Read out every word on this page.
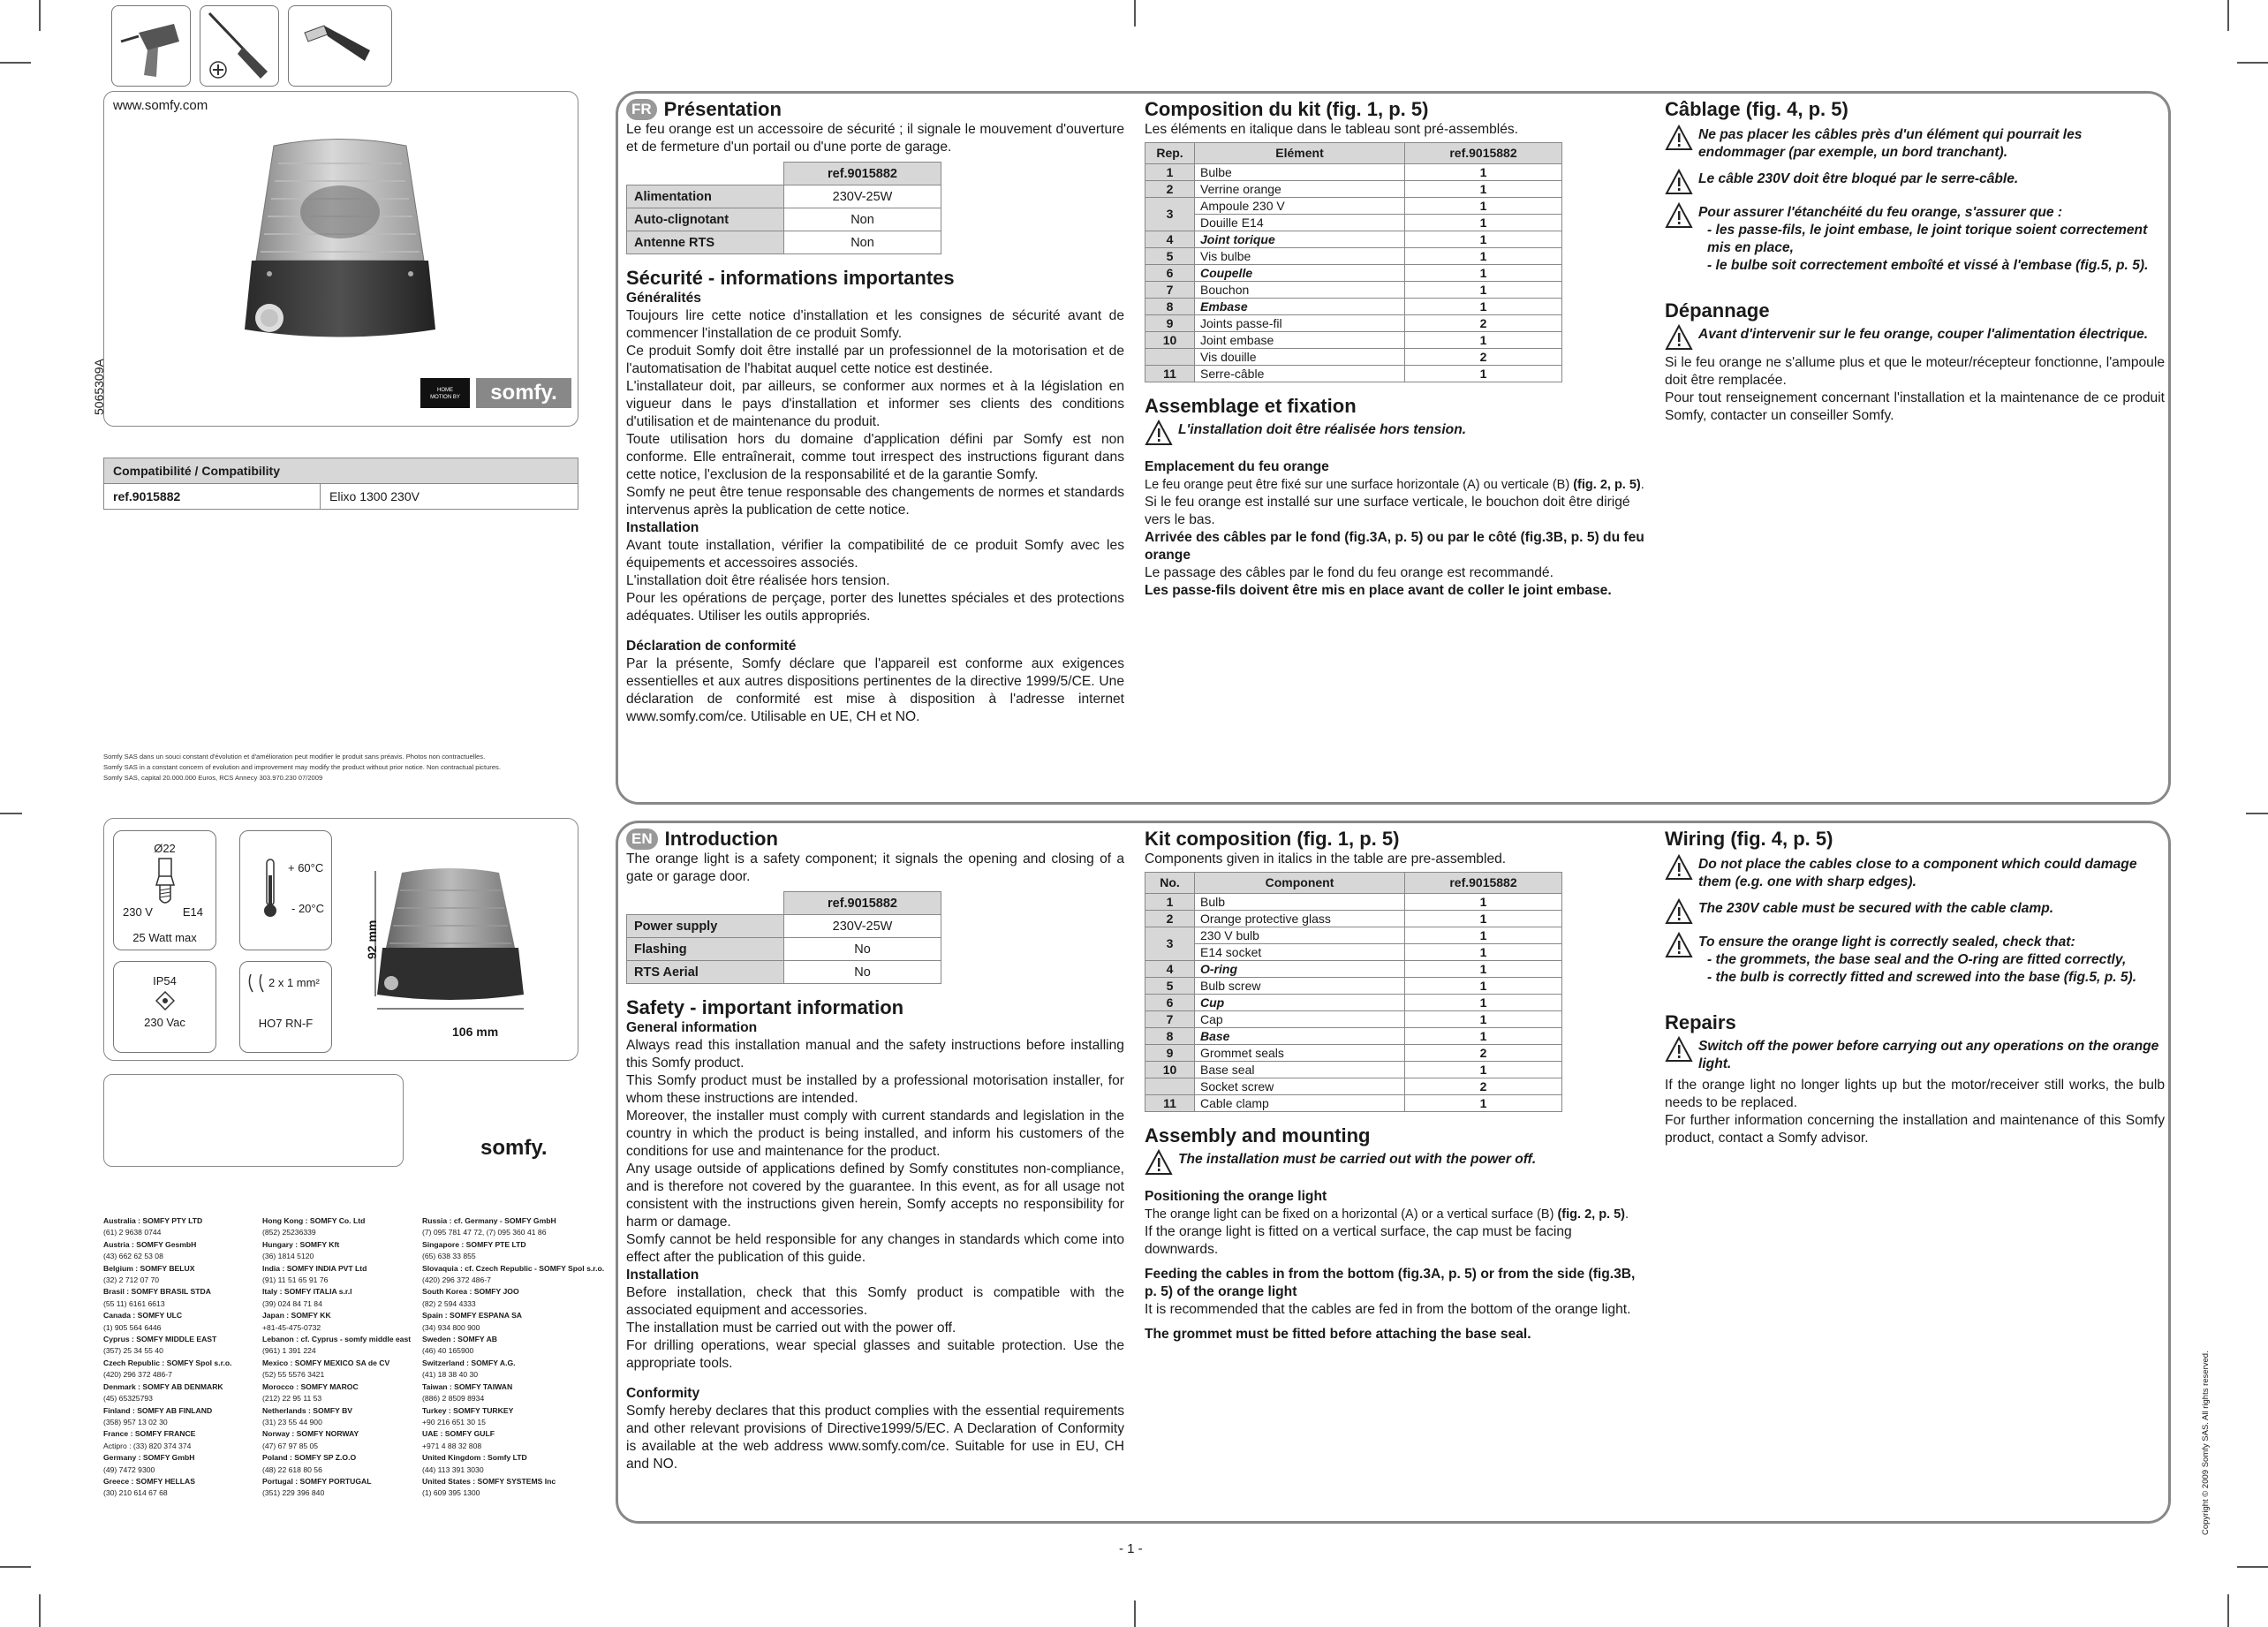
www.somfy.com
5065309A	HOME
MOTION BY	somfy.
Compatibilité / Compatibility
ref.9015882	Elixo 1300 230V
Somfy SAS dans un souci constant d'évolution et d'amélioration peut modifier le produit sans préavis. Photos non contractuelles.
Somfy SAS in a constant concern of evolution and improvement may modify the product without prior notice. Non contractual pictures.
Somfy SAS, capital 20.000.000 Euros, RCS Annecy 303.970.230 07/2009
Ø22
230 V	E14
25 Watt max
+ 60°C
- 20°C
IP54
230 Vac
2 x 1 mm²
HO7 RN-F
92 mm
106 mm
somfy.
Australia : SOMFY PTY LTD
(61) 2 9638 0744
Austria : SOMFY GesmbH
(43) 662 62 53 08
Belgium : SOMFY BELUX
(32) 2 712 07 70
Brasil : SOMFY BRASIL STDA
(55 11) 6161 6613
Canada : SOMFY ULC
(1) 905 564 6446
Cyprus : SOMFY MIDDLE EAST
(357) 25 34 55 40
Czech Republic : SOMFY Spol s.r.o.
(420) 296 372 486-7
Denmark : SOMFY AB DENMARK
(45) 65325793
Finland : SOMFY AB FINLAND
(358) 957 13 02 30
France : SOMFY FRANCE
Actipro : (33) 820 374 374
Germany : SOMFY GmbH
(49) 7472 9300
Greece : SOMFY HELLAS
(30) 210 614 67 68
Hong Kong : SOMFY Co. Ltd
(852) 25236339
Hungary : SOMFY Kft
(36) 1814 5120
India : SOMFY INDIA PVT Ltd
(91) 11 51 65 91 76
Italy : SOMFY ITALIA s.r.l
(39) 024 84 71 84
Japan : SOMFY KK
+81-45-475-0732
Lebanon : cf. Cyprus - somfy middle east
(961) 1 391 224
Mexico : SOMFY MEXICO SA de CV
(52) 55 5576 3421
Morocco : SOMFY MAROC
(212) 22 95 11 53
Netherlands : SOMFY BV
(31) 23 55 44 900
Norway : SOMFY NORWAY
(47) 67 97 85 05
Poland : SOMFY SP Z.O.O
(48) 22 618 80 56
Portugal : SOMFY PORTUGAL
(351) 229 396 840
Russia : cf. Germany - SOMFY GmbH
(7) 095 781 47 72, (7) 095 360 41 86
Singapore : SOMFY PTE LTD
(65) 638 33 855
Slovaquia : cf. Czech Republic - SOMFY Spol s.r.o.
(420) 296 372 486-7
South Korea : SOMFY JOO
(82) 2 594 4333
Spain : SOMFY ESPANA SA
(34) 934 800 900
Sweden : SOMFY AB
(46) 40 165900
Switzerland : SOMFY A.G.
(41) 18 38 40 30
Taiwan : SOMFY TAIWAN
(886) 2 8509 8934
Turkey : SOMFY TURKEY
+90 216 651 30 15
UAE : SOMFY GULF
+971 4 88 32 808
United Kingdom : Somfy LTD
(44) 113 391 3030
United States : SOMFY SYSTEMS Inc
(1) 609 395 1300
FR Présentation

Le feu orange est un accessoire de sécurité ; il signale le mouvement d'ouverture et de fermeture d'un portail ou d'une porte de garage.

	ref.9015882
Alimentation	230V-25W
Auto-clignotant	Non
Antenne RTS	Non
Sécurité - informations importantes
Généralités

Toujours lire cette notice d'installation et les consignes de sécurité avant de commencer l'installation de ce produit Somfy.

Ce produit Somfy doit être installé par un professionnel de la motorisation et de l'automatisation de l'habitat auquel cette notice est destinée.

L'installateur doit, par ailleurs, se conformer aux normes et à la législation en vigueur dans le pays d'installation et informer ses clients des conditions d'utilisation et de maintenance du produit.

Toute utilisation hors du domaine d'application défini par Somfy est non conforme. Elle entraînerait, comme tout irrespect des instructions figurant dans cette notice, l'exclusion de la responsabilité et de la garantie Somfy.

Somfy ne peut être tenue responsable des changements de normes et standards intervenus après la publication de cette notice.

Installation

Avant toute installation, vérifier la compatibilité de ce produit Somfy avec les équipements et accessoires associés.

L'installation doit être réalisée hors tension.

Pour les opérations de perçage, porter des lunettes spéciales et des protections adéquates. Utiliser les outils appropriés.

Déclaration de conformité

Par la présente, Somfy déclare que l'appareil est conforme aux exigences essentielles et aux autres dispositions pertinentes de la directive 1999/5/CE. Une déclaration de conformité est mise à disposition à l'adresse internet www.somfy.com/ce. Utilisable en UE, CH et NO.

Composition du kit (fig. 1, p. 5)

Les éléments en italique dans le tableau sont pré-assemblés.

Rep.	Elément	ref.9015882
1	Bulbe	1
2	Verrine orange	1
3	Ampoule 230 V	1
	Douille E14	1
4	Joint torique	1
5	Vis bulbe	1
6	Coupelle	1
7	Bouchon	1
8	Embase	1
9	Joints passe-fil	2
10	Joint embase	1
	Vis douille	2
11	Serre-câble	1
Assemblage et fixation
L'installation doit être réalisée hors tension.
Emplacement du feu orange

Le feu orange peut être fixé sur une surface horizontale (A) ou verticale (B) (fig. 2, p. 5).

Si le feu orange est installé sur une surface verticale, le bouchon doit être dirigé vers le bas.

Arrivée des câbles par le fond (fig.3A, p. 5) ou par le côté (fig.3B, p. 5) du feu orange

Le passage des câbles par le fond du feu orange est recommandé.

Les passe-fils doivent être mis en place avant de coller le joint embase.

Câblage (fig. 4, p. 5)
Ne pas placer les câbles près d'un élément qui pourrait les endommager (par exemple, un bord tranchant).
Le câble 230V doit être bloqué par le serre-câble.
Pour assurer l'étanchéité du feu orange, s'assurer que :
- les passe-fils, le joint embase, le joint torique soient correctement mis en place,
- le bulbe soit correctement emboîté et vissé à l'embase (fig.5, p. 5).
Dépannage
Avant d'intervenir sur le feu orange, couper l'alimentation électrique.

Si le feu orange ne s'allume plus et que le moteur/récepteur fonctionne, l'ampoule doit être remplacée.

Pour tout renseignement concernant l'installation et la maintenance de ce produit Somfy, contacter un conseiller Somfy.

EN Introduction

The orange light is a safety component; it signals the opening and closing of a gate or garage door.

	ref.9015882
Power supply	230V-25W
Flashing	No
RTS Aerial	No
Safety - important information
General information

Always read this installation manual and the safety instructions before installing this Somfy product.

This Somfy product must be installed by a professional motorisation installer, for whom these instructions are intended.

Moreover, the installer must comply with current standards and legislation in the country in which the product is being installed, and inform his customers of the conditions for use and maintenance for the product.

Any usage outside of applications defined by Somfy constitutes non-compliance, and is therefore not covered by the guarantee. In this event, as for all usage not consistent with the instructions given herein, Somfy accepts no responsibility for harm or damage.

Somfy cannot be held responsible for any changes in standards which come into effect after the publication of this guide.

Installation

Before installation, check that this Somfy product is compatible with the associated equipment and accessories.

The installation must be carried out with the power off.

For drilling operations, wear special glasses and suitable protection. Use the appropriate tools.

Conformity

Somfy hereby declares that this product complies with the essential requirements and other relevant provisions of Directive1999/5/EC. A Declaration of Conformity is available at the web address www.somfy.com/ce. Suitable for use in EU, CH and NO.

Kit composition (fig. 1, p. 5)

Components given in italics in the table are pre-assembled.

No.	Component	ref.9015882
1	Bulb	1
2	Orange protective glass	1
3	230 V bulb	1
	E14 socket	1
4	O-ring	1
5	Bulb screw	1
6	Cup	1
7	Cap	1
8	Base	1
9	Grommet seals	2
10	Base seal	1
	Socket screw	2
11	Cable clamp	1
Assembly and mounting
The installation must be carried out with the power off.
Positioning the orange light

The orange light can be fixed on a horizontal (A) or a vertical surface (B) (fig. 2, p. 5).

If the orange light is fitted on a vertical surface, the cap must be facing downwards.

Feeding the cables in from the bottom (fig.3A, p. 5) or from the side (fig.3B, p. 5) of the orange light

It is recommended that the cables are fed in from the bottom of the orange light.

The grommet must be fitted before attaching the base seal.

Wiring (fig. 4, p. 5)
Do not place the cables close to a component which could damage them (e.g. one with sharp edges).
The 230V cable must be secured with the cable clamp.
To ensure the orange light is correctly sealed, check that:
- the grommets, the base seal and the O-ring are fitted correctly,
- the bulb is correctly fitted and screwed into the base (fig.5, p. 5).
Repairs
Switch off the power before carrying out any operations on the orange light.

If the orange light no longer lights up but the motor/receiver still works, the bulb needs to be replaced.

For further information concerning the installation and maintenance of this Somfy product, contact a Somfy advisor.

- 1 -
Copyright © 2009 Somfy SAS. All rights reserved.
